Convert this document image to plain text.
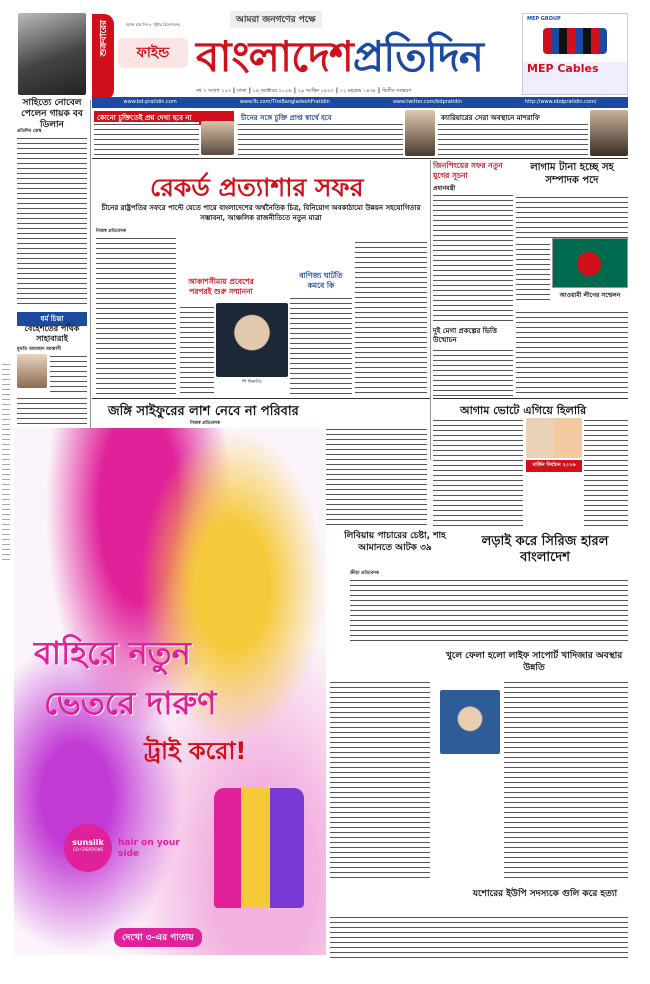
শুক্রবারের	আজ চার দিন ৮ পৃষ্ঠার বিনোদনের
ফাইন্ড
আমরা জনগণের পক্ষে
বাংলাদেশপ্রতিদিন
বর্ষ ৭ সংখ্যা ২০৩ ║ ঢাকা ║ ১৪ অক্টোবর ২০১৬ ║ ২৯ আশ্বিন ১৪২৩ ║ ১২ মহররম ১৪৩৮ ║ দ্বিতীয় সংস্করণ
MEP GROUP
MEP Cables
www.bd-pratidin.com	www.fb.com/TheBangladeshPratidin	www.twitter.com/bdpratidin	http://www.ebdpratidin.com/
সাহিত্যে নোবেল পেলেন গায়ক বব ডিলান
প্রতিদিন ডেস্ক
ধর্ম চিন্তা
বেহেশতের পথিক সাহাবারাই
মুফতি আমজাদ আব্বাসী
কোনো চুক্তিতেই প্রশ্ন দেখা হবে না	চীনের সঙ্গে চুক্তি প্রাপ্ত স্বার্থে হবে	ক্যারিয়ারের সেরা অবস্থানে মাশরাফি
রেকর্ড প্রত্যাশার সফর
চীনের রাষ্ট্রপতির সফরে পাল্টে যেতে পারে বাংলাদেশের অর্থনৈতিক চিত্র, বিনিয়োগ অবকাঠামো উন্নয়ন সহযোগিতার সম্ভাবনা, আঞ্চলিক রাজনীতিতে নতুন মাত্রা
নিজস্ব প্রতিবেদক
আকাশসীমায় প্রবেশের পরপরই শুরু সম্মাননা
শি জিনপিং
বাণিজ্য ঘাটতি কমবে কি
জিনপিংয়ের সফর নতুন যুগের সূচনা
প্রধানমন্ত্রী
দুই মেগা প্রকল্পের ভিত্তি উন্মোচন
লাগাম টানা হচ্ছে সহ সম্পাদক পদে
আওয়ামী লীগের সম্মেলন
আগাম ভোটে এগিয়ে হিলারি
মার্কিন নির্বাচন ২০১৬
জঙ্গি সাইফুরের লাশ নেবে না পরিবার
নিজস্ব প্রতিবেদক
লড়াই করে সিরিজ হারল বাংলাদেশ
ক্রীড়া প্রতিবেদক
লিবিয়ায় পাচারের চেষ্টা, শাহ আমানতে আটক ৩৯
বাহিরে নতুন
ভেতরে দারুণ
ট্রাই করো!
sunsilk
CO-CREATIONS
hair on your side
দেখো ৩-এর পাতায়
খুলে ফেলা হলো লাইফ সাপোর্ট খাদিজার অবস্থার উন্নতি
যশোরের ইউপি সদস্যকে গুলি করে হত্যা
